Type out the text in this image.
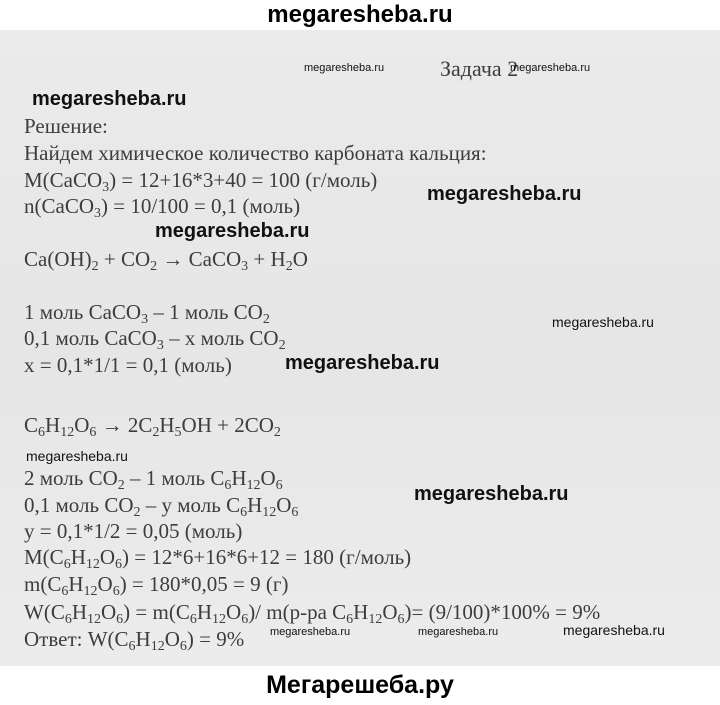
megaresheba.ru
Задача 2
Решение:
Найдем химическое количество карбоната кальция:
M(CaCO$_3$) = 12+16*3+40 = 100 (г/моль)
n(CaCO$_3$) = 10/100 = 0,1 (моль)
$Ca(OH)_2 + CO_2$ → CaCO$_3$ + $H_2O$
1 моль CaCO$_3$ – 1 моль $CO_2$
0,1 моль CaCO$_3$ – x моль $CO_2$
x = 0,1*1/1 = 0,1 (моль)
$C_6H_{12}O_6 \to 2C_2H_5OH + 2CO_2$
2 моль $CO_2 - 1$ моль $C_6H_{12}O_6$
0,1 моль $CO_2$ – y моль $C_6H_{12}O_6$
y = 0,1*1/2 = 0,05 (моль)
$M(C_6H_{12}O_6) = 12*6+16*6+12 = 180$ (г/моль)
$m(C_6H_{12}O_6) = 180*0,05 = 9$ (г)
$W(C_6H_{12}O_6) = m(C_6H_{12}O_6)/$ m(р-ра $C_6H_{12}O_6)= (9/100)*100\% = 9\%$
Ответ: $W(C_6H_{12}O_6) = 9\%$
megaresheba.ru	megaresheba.ru
megaresheba.ru
megaresheba.ru
megaresheba.ru
megaresheba.ru
megaresheba.ru
megaresheba.ru
megaresheba.ru
megaresheba.ru	megaresheba.ru	megaresheba.ru
Мегарешеба.ру
